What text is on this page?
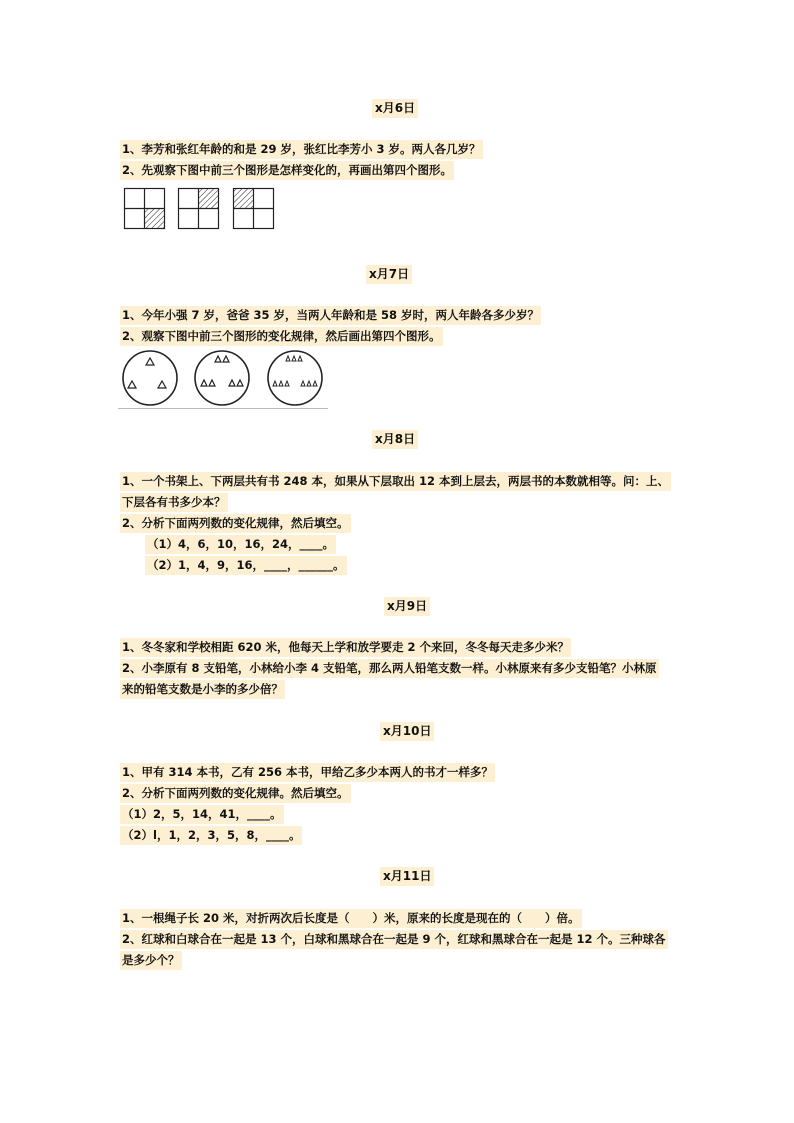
x月6日
1、李芳和张红年龄的和是 29 岁，张红比李芳小 3 岁。两人各几岁？
2、先观察下图中前三个图形是怎样变化的，再画出第四个图形。
x月7日
1、今年小强 7 岁，爸爸 35 岁，当两人年龄和是 58 岁时，两人年龄各多少岁？
2、观察下图中前三个图形的变化规律，然后画出第四个图形。
x月8日
1、一个书架上、下两层共有书 248 本，如果从下层取出 12 本到上层去，两层书的本数就相等。问：上、
下层各有书多少本？
2、分析下面两列数的变化规律，然后填空。
（1）4，6，10，16，24，____。
（2）1，4，9，16，____，______。
x月9日
1、冬冬家和学校相距 620 米，他每天上学和放学要走 2 个来回，冬冬每天走多少米？
2、小李原有 8 支铅笔，小林给小李 4 支铅笔，那么两人铅笔支数一样。小林原来有多少支铅笔？小林原
来的铅笔支数是小李的多少倍？
x月10日
1、甲有 314 本书，乙有 256 本书，甲给乙多少本两人的书才一样多？
2、分析下面两列数的变化规律。然后填空。
（1）2，5，14，41，____。
（2）l，1，2，3，5，8，____。
x月11日
1、一根绳子长 20 米，对折两次后长度是（　　）米，原来的长度是现在的（　　）倍。
2、红球和白球合在一起是 13 个，白球和黑球合在一起是 9 个，红球和黑球合在一起是 12 个。三种球各
是多少个？
